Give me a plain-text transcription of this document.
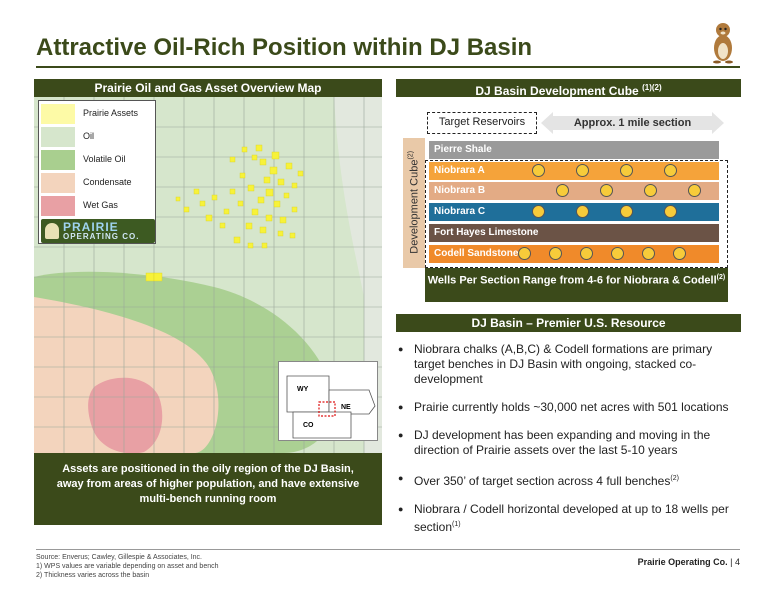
Attractive Oil-Rich Position within DJ Basin
Prairie Oil and Gas Asset Overview Map
Prairie Assets
Oil
Volatile Oil
Condensate
Wet Gas
PRAIRIE
OPERATING CO.
WY
NE
CO
Assets are positioned in the oily region of the DJ Basin, away from areas of higher population, and have extensive multi-bench running room
DJ Basin Development Cube $^{(1)(2)}$
Target Reservoirs	Approx. 1 mile section
Development Cube$^{(2)}$
Pierre Shale
Niobrara A
Niobrara B
Niobrara C
Fort Hayes Limestone
Codell Sandstone
Wells Per Section Range from 4-6 for Niobrara & Codell$^{(2)}$
DJ Basin – Premier U.S. Resource
● Niobrara chalks (A,B,C) & Codell formations are primary target benches in DJ Basin with ongoing, stacked co-development
● Prairie currently holds ~30,000 net acres with 501 locations
● DJ development has been expanding and moving in the direction of Prairie assets over the last 5-10 years
● Over 350’ of target section across 4 full benches$^{(2)}$
● Niobrara / Codell horizontal developed at up to 18 wells per section$^{(1)}$
Source: Enverus; Cawley, Gillespie & Associates, Inc.
1) WPS values are variable depending on asset and bench
2) Thickness varies across the basin
Prairie Operating Co. | 4
